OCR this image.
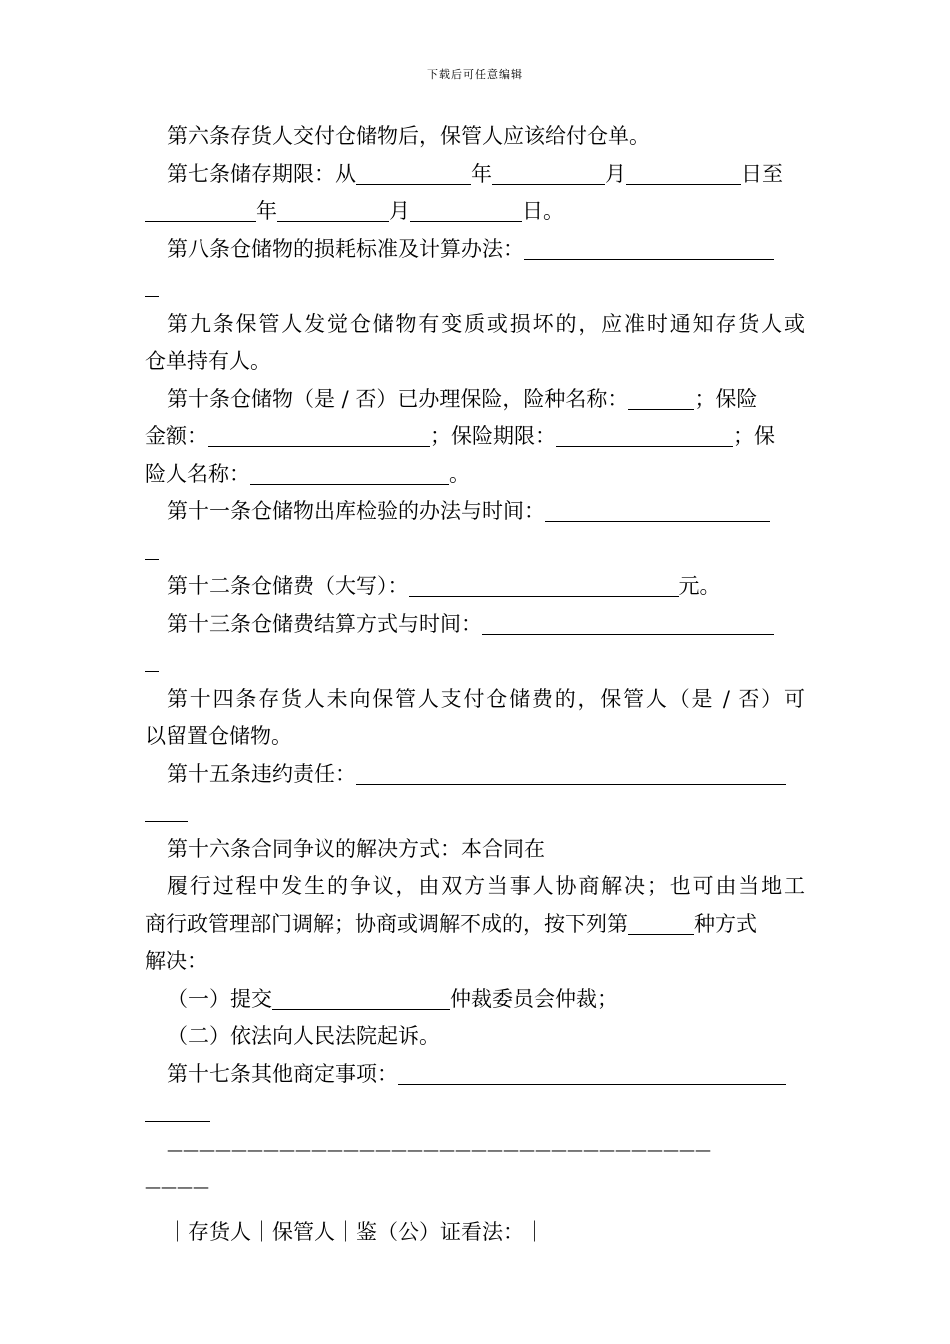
下载后可任意编辑
第六条存货人交付仓储物后，保管人应该给付仓单。
第七条储存期限：从	年	月	日至
年	月	日。
第八条仓储物的损耗标准及计算办法：
第九条保管人发觉仓储物有变质或损坏的，应准时通知存货人或
仓单持有人。
第十条仓储物（是 / 否）已办理保险，险种名称：	；保险
金额：	；保险期限：	；保
险人名称：	。
第十一条仓储物出库检验的办法与时间：
第十二条仓储费（大写）：	元。
第十三条仓储费结算方式与时间：
第十四条存货人未向保管人支付仓储费的，保管人（是 / 否）可
以留置仓储物。
第十五条违约责任：
第十六条合同争议的解决方式：本合同在
履行过程中发生的争议，由双方当事人协商解决；也可由当地工
商行政管理部门调解；协商或调解不成的，按下列第	种方式
解决：
（一）提交	仲裁委员会仲裁；
（二）依法向人民法院起诉。
第十七条其他商定事项：
——————————————————————————————————
————
｜存货人｜保管人｜鉴（公）证看法：｜
